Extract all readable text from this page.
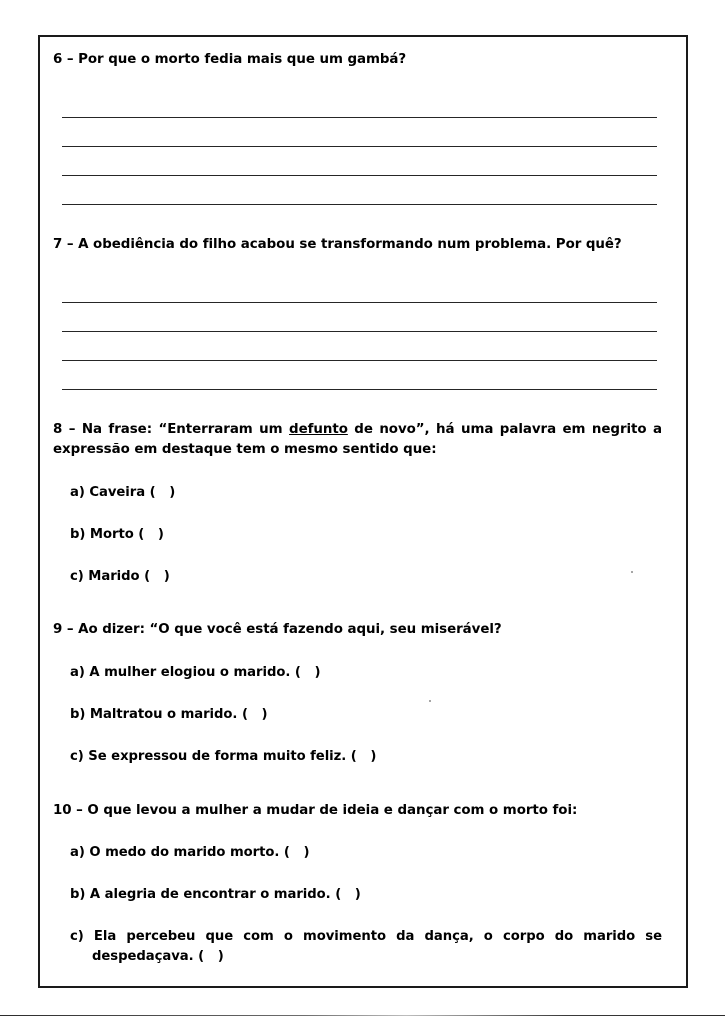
6 – Por que o morto fedia mais que um gambá?

7 – A obediência do filho acabou se transformando num problema. Por quê?

8 – Na frase: “Enterraram um defunto de novo”, há uma palavra em negrito a expressão em destaque tem o mesmo sentido que:

a) Caveira (   )
b) Morto (   )
c) Marido (   )

9 – Ao dizer: “O que você está fazendo aqui, seu miserável?

a) A mulher elogiou o marido. (   )
b) Maltratou o marido. (   )
c) Se expressou de forma muito feliz. (   )

10 – O que levou a mulher a mudar de ideia e dançar com o morto foi:

a) O medo do marido morto. (   )
b) A alegria de encontrar o marido. (   )
c) Ela percebeu que com o movimento da dança, o corpo do marido se despedaçava. (   )
